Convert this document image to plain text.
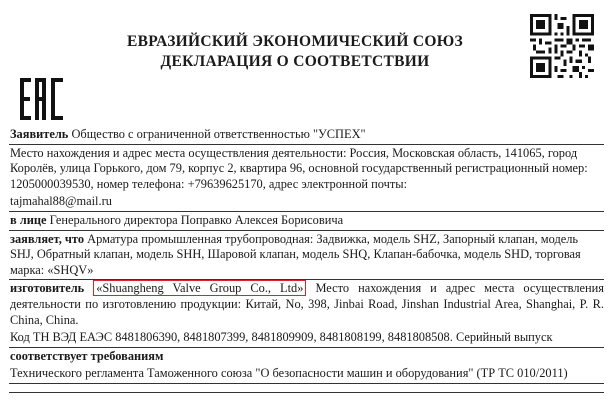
ЕВРАЗИЙСКИЙ ЭКОНОМИЧЕСКИЙ СОЮЗ
ДЕКЛАРАЦИЯ О СООТВЕТСТВИИ
Заявитель Общество с ограниченной ответственностью "УСПЕХ"
Место нахождения и адрес места осуществления деятельности: Россия, Московская область, 141065, город Королёв, улица Горького, дом 79, корпус 2, квартира 96, основной государственный регистрационный номер: 1205000039530, номер телефона: +79639625170, адрес электронной почты:
tajmahal88@mail.ru
в лице Генерального директора Поправко Алексея Борисовича
заявляет, что Арматура промышленная трубопроводная: Задвижка, модель SHZ, Запорный клапан, модель SHJ, Обратный клапан, модель SHH, Шаровой клапан, модель SHQ, Клапан-бабочка, модель SHD, торговая марка: «SHQV»
изготовитель «Shuangheng Valve Group Co., Ltd» Место нахождения и адрес места осуществления деятельности по изготовлению продукции: Китай, No, 398, Jinbai Road, Jinshan Industrial Area, Shanghai, P. R. China, China.
Код ТН ВЭД ЕАЭС 8481806390, 8481807399, 8481809909, 8481808199, 8481808508. Серийный выпуск
соответствует требованиям
Технического регламента Таможенного союза "О безопасности машин и оборудования" (ТР ТС 010/2011)
